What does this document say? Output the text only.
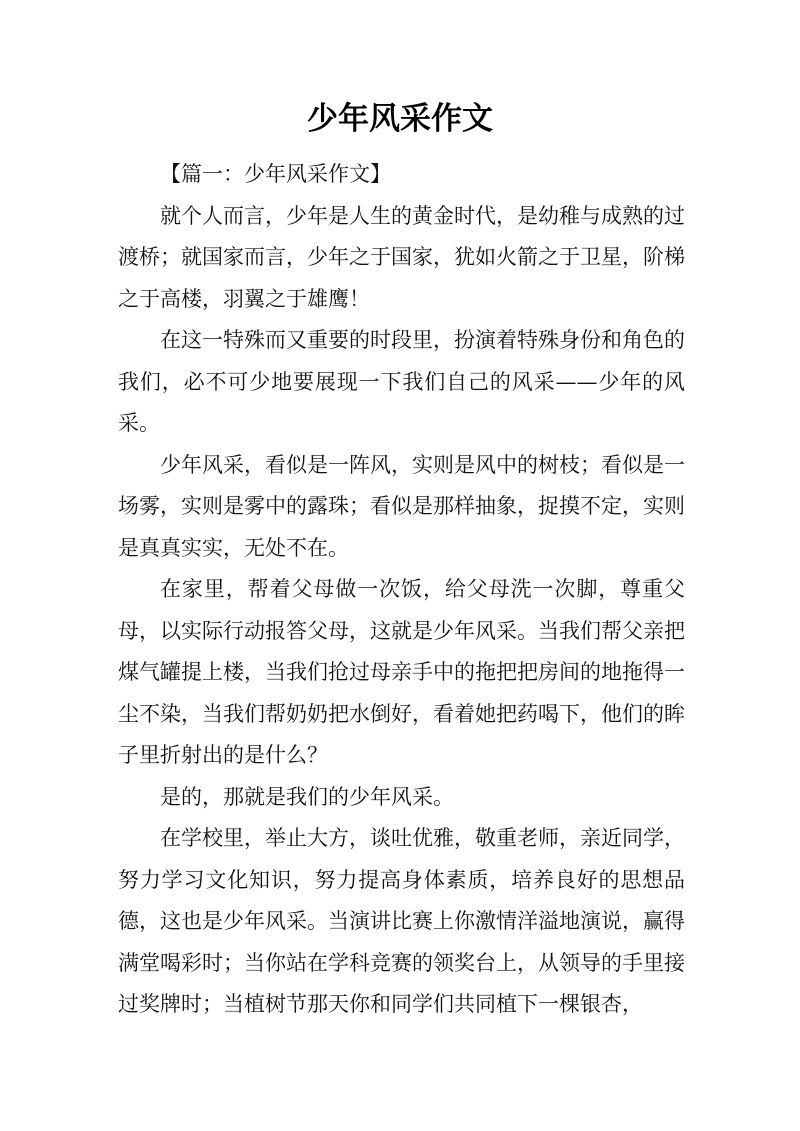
少年风采作文

【篇一：少年风采作文】

就个人而言，少年是人生的黄金时代，是幼稚与成熟的过渡桥；就国家而言，少年之于国家，犹如火箭之于卫星，阶梯之于高楼，羽翼之于雄鹰！

在这一特殊而又重要的时段里，扮演着特殊身份和角色的我们，必不可少地要展现一下我们自己的风采——少年的风采。

少年风采，看似是一阵风，实则是风中的树枝；看似是一场雾，实则是雾中的露珠；看似是那样抽象，捉摸不定，实则是真真实实，无处不在。

在家里，帮着父母做一次饭，给父母洗一次脚，尊重父母，以实际行动报答父母，这就是少年风采。当我们帮父亲把煤气罐提上楼，当我们抢过母亲手中的拖把把房间的地拖得一尘不染，当我们帮奶奶把水倒好，看着她把药喝下，他们的眸子里折射出的是什么？

是的，那就是我们的少年风采。

在学校里，举止大方，谈吐优雅，敬重老师，亲近同学，努力学习文化知识，努力提高身体素质，培养良好的思想品德，这也是少年风采。当演讲比赛上你激情洋溢地演说，赢得满堂喝彩时；当你站在学科竞赛的领奖台上，从领导的手里接过奖牌时；当植树节那天你和同学们共同植下一棵银杏，
